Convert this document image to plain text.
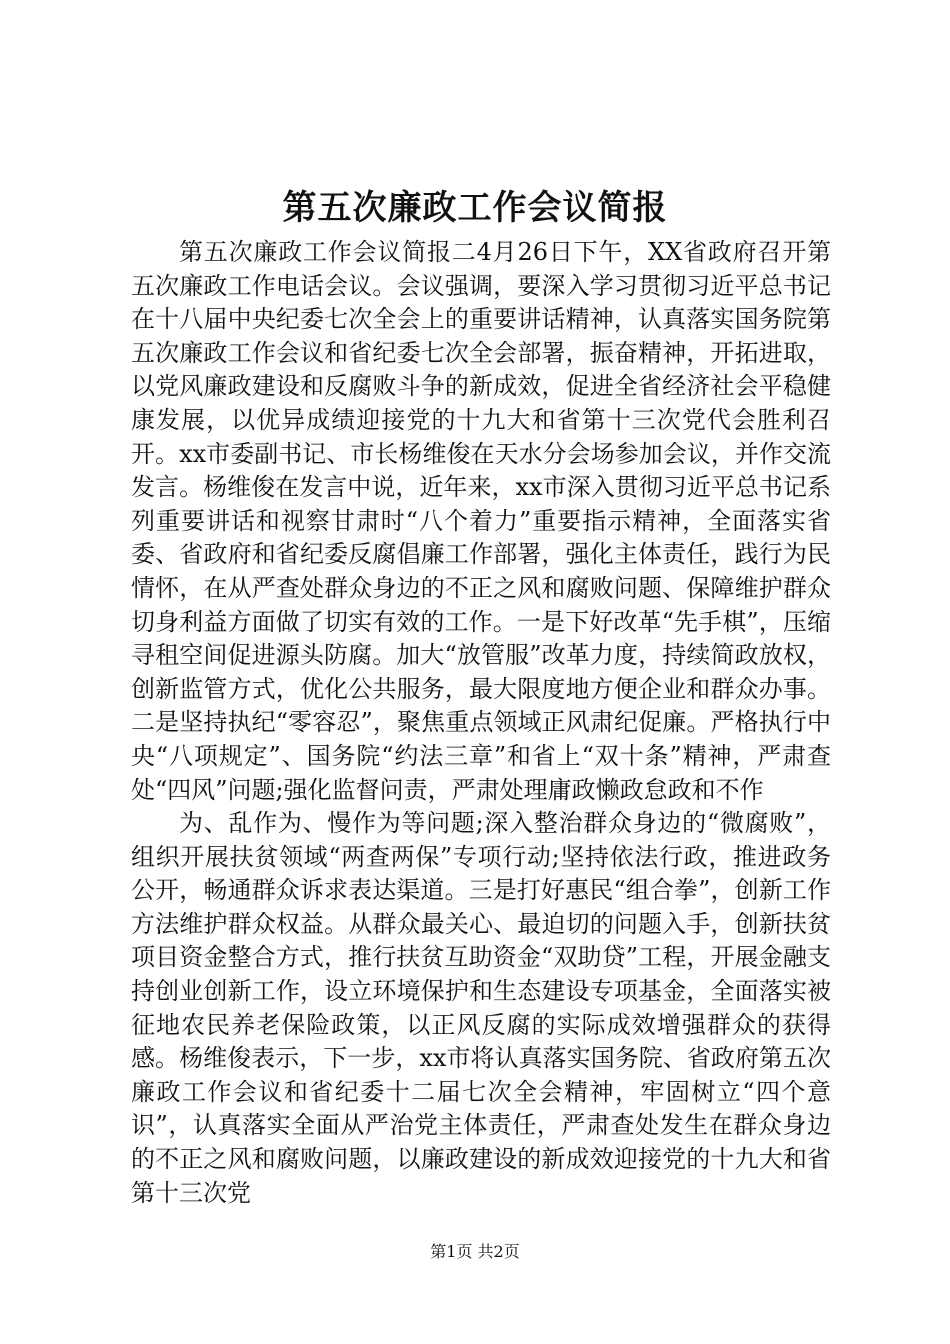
第五次廉政工作会议简报

第五次廉政工作会议简报二4月26日下午，XX省政府召开第五次廉政工作电话会议。会议强调，要深入学习贯彻习近平总书记在十八届中央纪委七次全会上的重要讲话精神，认真落实国务院第五次廉政工作会议和省纪委七次全会部署，振奋精神，开拓进取，以党风廉政建设和反腐败斗争的新成效，促进全省经济社会平稳健康发展，以优异成绩迎接党的十九大和省第十三次党代会胜利召开。xx市委副书记、市长杨维俊在天水分会场参加会议，并作交流发言。杨维俊在发言中说，近年来，xx市深入贯彻习近平总书记系列重要讲话和视察甘肃时“八个着力”重要指示精神，全面落实省委、省政府和省纪委反腐倡廉工作部署，强化主体责任，践行为民情怀，在从严查处群众身边的不正之风和腐败问题、保障维护群众切身利益方面做了切实有效的工作。一是下好改革“先手棋”，压缩寻租空间促进源头防腐。加大“放管服”改革力度，持续简政放权，创新监管方式，优化公共服务，最大限度地方便企业和群众办事。二是坚持执纪“零容忍”，聚焦重点领域正风肃纪促廉。严格执行中央“八项规定”、国务院“约法三章”和省上“双十条”精神，严肃查处“四风”问题;强化监督问责，严肃处理庸政懒政怠政和不作

为、乱作为、慢作为等问题;深入整治群众身边的“微腐败”，组织开展扶贫领域“两查两保”专项行动;坚持依法行政，推进政务公开，畅通群众诉求表达渠道。三是打好惠民“组合拳”，创新工作方法维护群众权益。从群众最关心、最迫切的问题入手，创新扶贫项目资金整合方式，推行扶贫互助资金“双助贷”工程，开展金融支持创业创新工作，设立环境保护和生态建设专项基金，全面落实被征地农民养老保险政策，以正风反腐的实际成效增强群众的获得感。杨维俊表示，下一步，xx市将认真落实国务院、省政府第五次廉政工作会议和省纪委十二届七次全会精神，牢固树立“四个意识”，认真落实全面从严治党主体责任，严肃查处发生在群众身边的不正之风和腐败问题，以廉政建设的新成效迎接党的十九大和省第十三次党

第1页 共2页
